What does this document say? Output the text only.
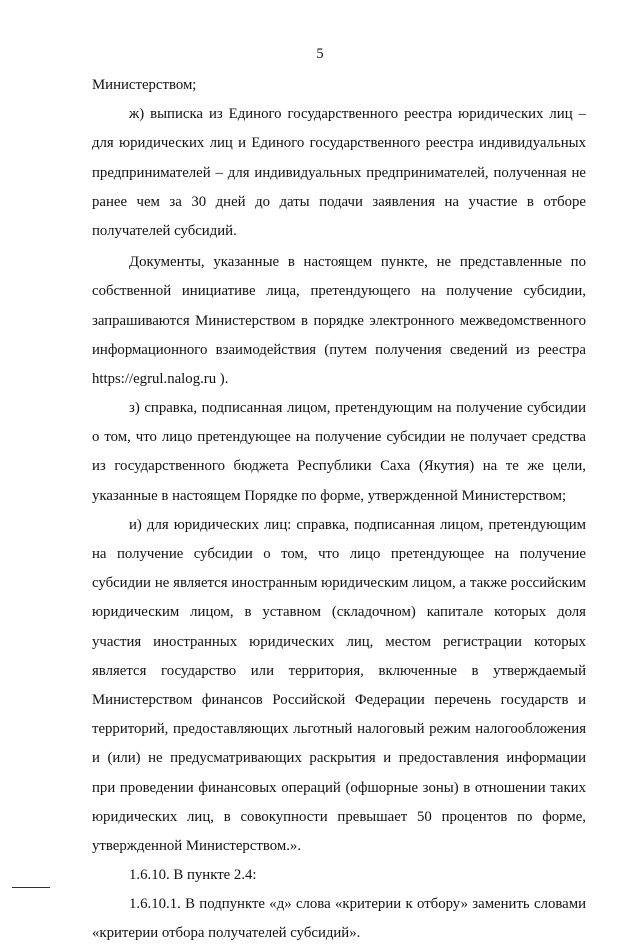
5
Министерством;
ж) выписка из Единого государственного реестра юридических лиц –
для юридических лиц и Единого государственного реестра индивидуальных
предпринимателей – для индивидуальных предпринимателей, полученная не
ранее чем за 30 дней до даты подачи заявления на участие в отборе
получателей субсидий.
Документы, указанные в настоящем пункте, не представленные по
собственной инициативе лица, претендующего на получение субсидии,
запрашиваются Министерством в порядке электронного межведомственного
информационного взаимодействия (путем получения сведений из реестра
https://egrul.nalog.ru ).
з) справка, подписанная лицом, претендующим на получение субсидии
о том, что лицо претендующее на получение субсидии не получает средства
из государственного бюджета Республики Саха (Якутия) на те же цели,
указанные в настоящем Порядке по форме, утвержденной Министерством;
и) для юридических лиц: справка, подписанная лицом, претендующим
на получение субсидии о том, что лицо претендующее на получение
субсидии не является иностранным юридическим лицом, а также российским
юридическим лицом, в уставном (складочном) капитале которых доля
участия иностранных юридических лиц, местом регистрации которых
является государство или территория, включенные в утверждаемый
Министерством финансов Российской Федерации перечень государств и
территорий, предоставляющих льготный налоговый режим налогообложения
и (или) не предусматривающих раскрытия и предоставления информации
при проведении финансовых операций (офшорные зоны) в отношении таких
юридических лиц, в совокупности превышает 50 процентов по форме,
утвержденной Министерством.».
1.6.10. В пункте 2.4:
1.6.10.1. В подпункте «д» слова «критерии к отбору» заменить словами
«критерии отбора получателей субсидий».
